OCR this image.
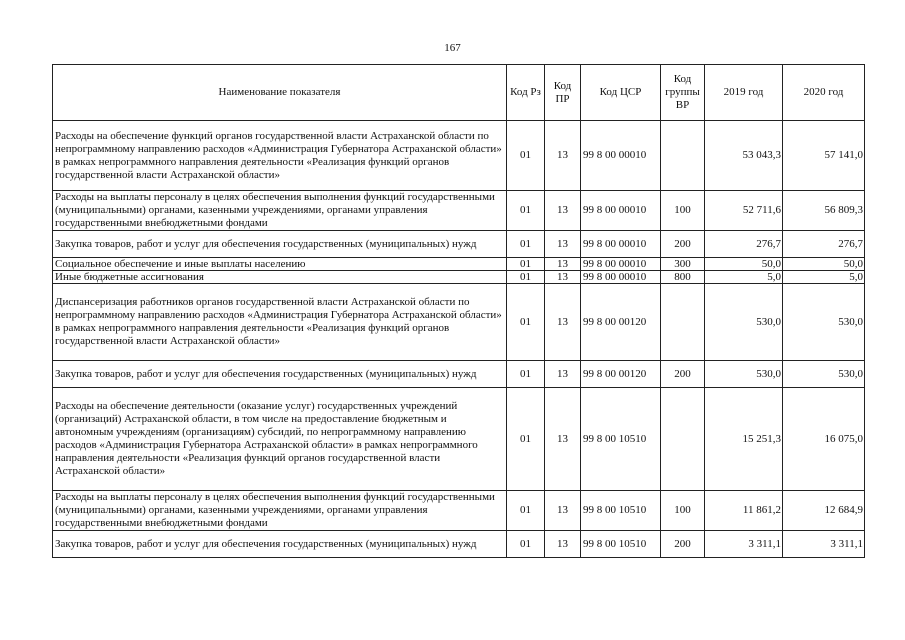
167
Наименование показателя	Код Рз	Код ПР	Код ЦСР	Код группы ВР	2019 год	2020 год
Расходы на обеспечение функций органов государственной власти Астраханской области по непрограммному направлению расходов «Администрация Губернатора Астраханской области» в рамках непрограммного направления деятельности «Реализация функций органов государственной власти Астраханской области»	01	13	99 8 00 00010		53 043,3	57 141,0
Расходы на выплаты персоналу в целях обеспечения выполнения функций государственными (муниципальными) органами, казенными учреждениями, органами управления государственными внебюджетными фондами	01	13	99 8 00 00010	100	52 711,6	56 809,3
Закупка товаров, работ и услуг для обеспечения государственных (муниципальных) нужд	01	13	99 8 00 00010	200	276,7	276,7
Социальное обеспечение и иные выплаты населению	01	13	99 8 00 00010	300	50,0	50,0
Иные бюджетные ассигнования	01	13	99 8 00 00010	800	5,0	5,0
Диспансеризация работников органов государственной власти Астраханской области по непрограммному направлению расходов «Администрация Губернатора Астраханской области» в рамках непрограммного направления деятельности «Реализация функций органов государственной власти Астраханской области»	01	13	99 8 00 00120		530,0	530,0
Закупка товаров, работ и услуг для обеспечения государственных (муниципальных) нужд	01	13	99 8 00 00120	200	530,0	530,0
Расходы на обеспечение деятельности (оказание услуг) государственных учреждений (организаций) Астраханской области, в том числе на предоставление бюджетным и автономным учреждениям (организациям) субсидий, по непрограммному направлению расходов «Администрация Губернатора Астраханской области» в рамках непрограммного направления деятельности «Реализация функций органов государственной власти Астраханской области»	01	13	99 8 00 10510		15 251,3	16 075,0
Расходы на выплаты персоналу в целях обеспечения выполнения функций государственными (муниципальными) органами, казенными учреждениями, органами управления государственными внебюджетными фондами	01	13	99 8 00 10510	100	11 861,2	12 684,9
Закупка товаров, работ и услуг для обеспечения государственных (муниципальных) нужд	01	13	99 8 00 10510	200	3 311,1	3 311,1
